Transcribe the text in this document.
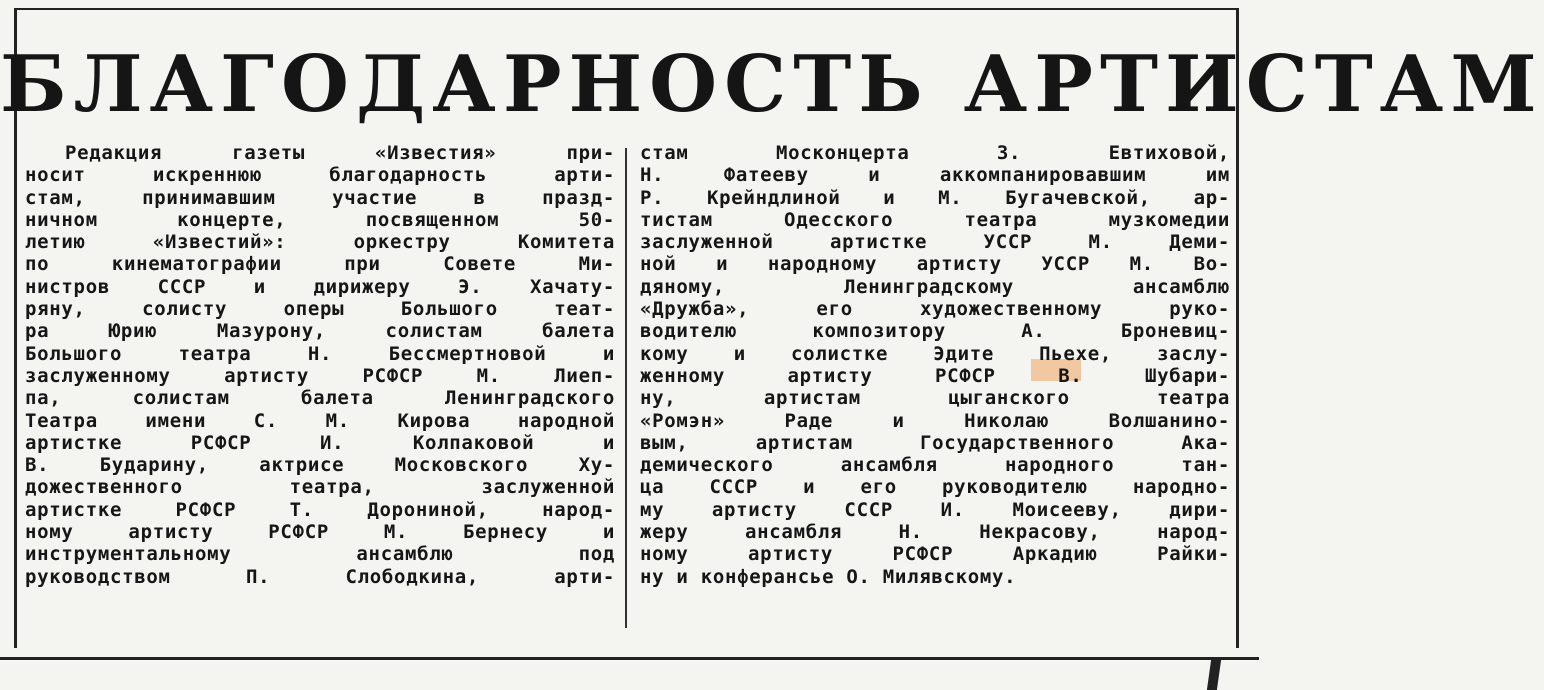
БЛАГОДАРНОСТЬ АРТИСТАМ
Редакция газеты «Известия» при-
носит искреннюю благодарность арти-
стам, принимавшим участие в празд-
ничном концерте, посвященном 50-
летию «Известий»: оркестру Комитета
по кинематографии при Совете Ми-
нистров СССР и дирижеру Э. Хачату-
ряну, солисту оперы Большого теат-
ра Юрию Мазурону, солистам балета
Большого театра Н. Бессмертновой и
заслуженному артисту РСФСР М. Лиеп-
па, солистам балета Ленинградского
Театра имени С. М. Кирова народной
артистке РСФСР И. Колпаковой и
В. Бударину, актрисе Московского Ху-
дожественного театра, заслуженной
артистке РСФСР Т. Дорониной, народ-
ному артисту РСФСР М. Бернесу и
инструментальному ансамблю под
руководством П. Слободкина, арти-
стам Москонцерта З. Евтиховой,
Н. Фатееву и аккомпанировавшим им
Р. Крейндлиной и М. Бугачевской, ар-
тистам Одесского театра музкомедии
заслуженной артистке УССР М. Деми-
ной и народному артисту УССР М. Во-
дяному, Ленинградскому ансамблю
«Дружба», его художественному руко-
водителю композитору А. Броневиц-
кому и солистке Эдите Пьехе, заслу-
женному артисту РСФСР В. Шубари-
ну, артистам цыганского театра
«Ромэн» Раде и Николаю Волшанино-
вым, артистам Государственного Ака-
демического ансамбля народного тан-
ца СССР и его руководителю народно-
му артисту СССР И. Моисееву, дири-
жеру ансамбля Н. Некрасову, народ-
ному артисту РСФСР Аркадию Райки-
ну и конферансье О. Милявскому.
